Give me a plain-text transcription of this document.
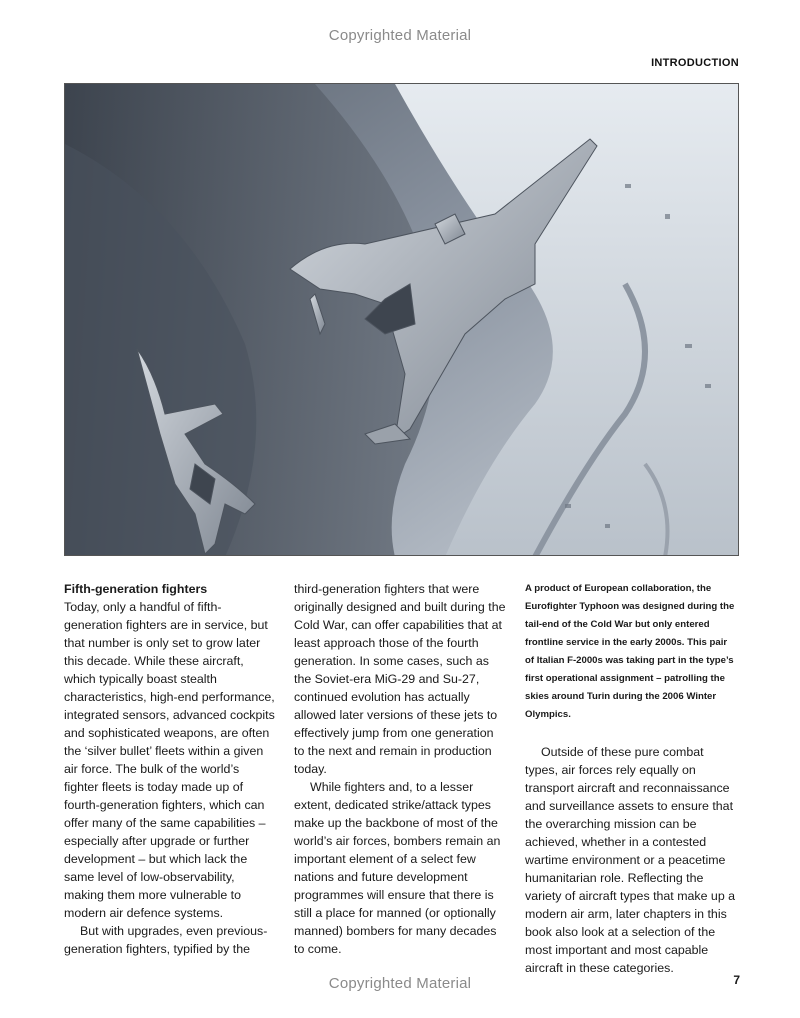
Copyrighted Material
INTRODUCTION

Fifth-generation fighters

Today, only a handful of fifth-generation fighters are in service, but that number is only set to grow later this decade. While these aircraft, which typically boast stealth characteristics, high-end performance, integrated sensors, advanced cockpits and sophisticated weapons, are often the ‘silver bullet’ fleets within a given air force. The bulk of the world’s fighter fleets is today made up of fourth-generation fighters, which can offer many of the same capabilities – especially after upgrade or further development – but which lack the same level of low-observability, making them more vulnerable to modern air defence systems.

But with upgrades, even previous-generation fighters, typified by the

third-generation fighters that were originally designed and built during the Cold War, can offer capabilities that at least approach those of the fourth generation. In some cases, such as the Soviet-era MiG-29 and Su-27, continued evolution has actually allowed later versions of these jets to effectively jump from one generation to the next and remain in production today.

While fighters and, to a lesser extent, dedicated strike/attack types make up the backbone of most of the world’s air forces, bombers remain an important element of a select few nations and future development programmes will ensure that there is still a place for manned (or optionally manned) bombers for many decades to come.

A product of European collaboration, the Eurofighter Typhoon was designed during the tail-end of the Cold War but only entered frontline service in the early 2000s. This pair of Italian F-2000s was taking part in the type’s first operational assignment – patrolling the skies around Turin during the 2006 Winter Olympics.

Outside of these pure combat types, air forces rely equally on transport aircraft and reconnaissance and surveillance assets to ensure that the overarching mission can be achieved, whether in a contested wartime environment or a peacetime humanitarian role. Reflecting the variety of aircraft types that make up a modern air arm, later chapters in this book also look at a selection of the most important and most capable aircraft in these categories.

Copyrighted Material	7
